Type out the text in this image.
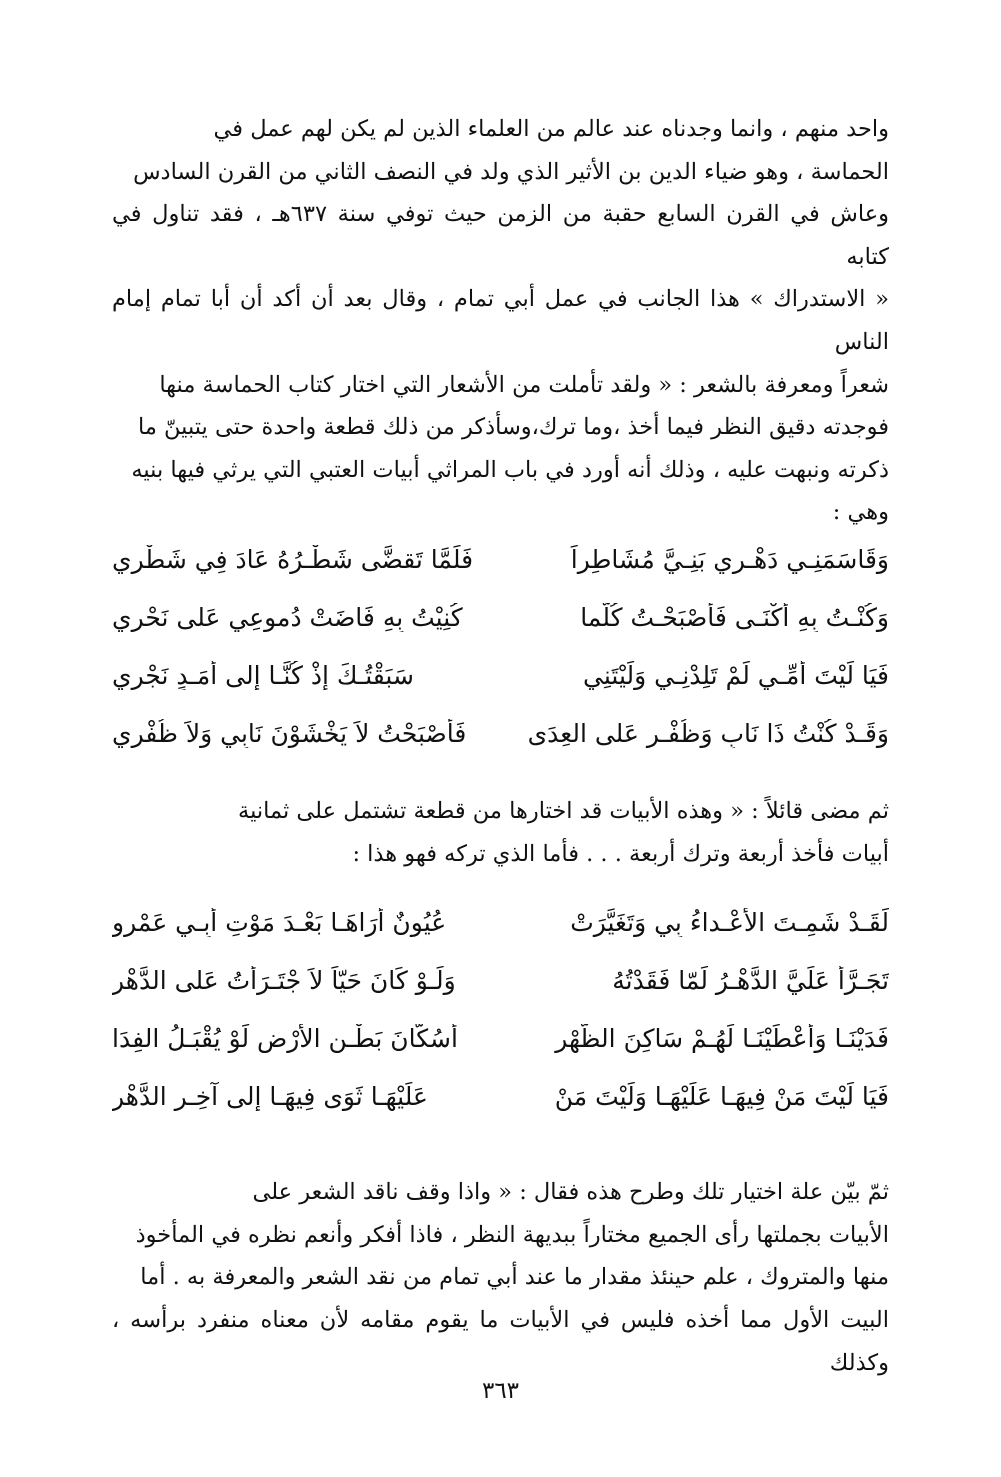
واحد منهم ، وانما وجدناه عند عالم من العلماء الذين لم يكن لهم عمل في

الحماسة ، وهو ضياء الدين بن الأثير الذي ولد في النصف الثاني من القرن السادس

وعاش في القرن السابع حقبة من الزمن حيث توفي سنة ٦٣٧هـ ، فقد تناول في كتابه

« الاستدراك » هذا الجانب في عمل أبي تمام ، وقال بعد أن أكد أن أبا تمام إمام الناس

شعراً ومعرفة بالشعر : « ولقد تأملت من الأشعار التي اختار كتاب الحماسة منها

فوجدته دقيق النظر فيما أخذ ،وما ترك،وسأذكر من ذلك قطعة واحدة حتى يتبينّ ما

ذكرته ونبهت عليه ، وذلك أنه أورد في باب المراثي أبيات العتبي التي يرثي فيها بنيه

وهي :

وَقَاسَمَنِـي دَهْـرِي بَنِـيَّ مُشَاطِراً
فَلَمَّا تَقضَّى شَطْـرُهُ عَادَ فِي شَطْرِي
وَكُنْـتُ بِهِ أُكْنَـى فَأَصْبَحْـتُ كُلَّما
كُنِيْتُ بِهِ فَاضَتْ دُموعِي عَلى نَحْرِي
فَيَا لَيْتَ أُمِّـي لَمْ تَلِدْنِـي وَلَيْتَنِي
سَبَقْتُـكَ إِذْ كُنَّـا إِلى أَمَـدٍ نَجْرِي
وَقَـدْ كُنْتُ ذَا نَابٍ وَظُفْـرٍ عَلى العِدَى
فَأَصْبَحْتُ لاَ يَخْشَوْنَ نَابِي وَلاَ ظُفْرِي

ثم مضى قائلاً : « وهذه الأبيات قد اختارها من قطعة تشتمل على ثمانية

أبيات فأخذ أربعة وترك أربعة . . . فأما الذي تركه فهو هذا :

لَقَـدْ شَمِـتَ الأَعْـداءُ بِي وَتَغَيَّرَتْ
عُيُونٌ أَرَاهَـا بَعْـدَ مَوْتِ أَبِـي عَمْرِو
تَجَـرَّأ عَلَيَّ الدَّهْـرُ لَمّا فَقَدْتُهُ
وَلَـوْ كَانَ حَيّاً لاَ جْتَـرَأْتُ عَلى الدَّهْرِ
فَدَيْنَـا وَأَعْطَيْنَـا لَهُـمْ سَاكِنَ الظَّهْرِ
أَسُكَّانَ بَطْـنِ الأَرْضِ لَوْ يُقْبَـلُ الفِدَا
فَيَا لَيْتَ مَنْ فِيهَـا عَلَيْهَـا وَلَيْتَ مَنْ
عَلَيْهَـا ثَوَى فِيهَـا إِلى آخِـرِ الدَّهْرِ

ثمّ بيّن علة اختيار تلك وطرح هذه فقال : « واذا وقف ناقد الشعر على

الأبيات بجملتها رأى الجميع مختاراً ببديهة النظر ، فاذا أفكر وأنعم نظره في المأخوذ

منها والمتروك ، علم حينئذ مقدار ما عند أبي تمام من نقد الشعر والمعرفة به . أما

البيت الأول مما أخذه فليس في الأبيات ما يقوم مقامه لأن معناه منفرد برأسه ، وكذلك

٣٦٣
